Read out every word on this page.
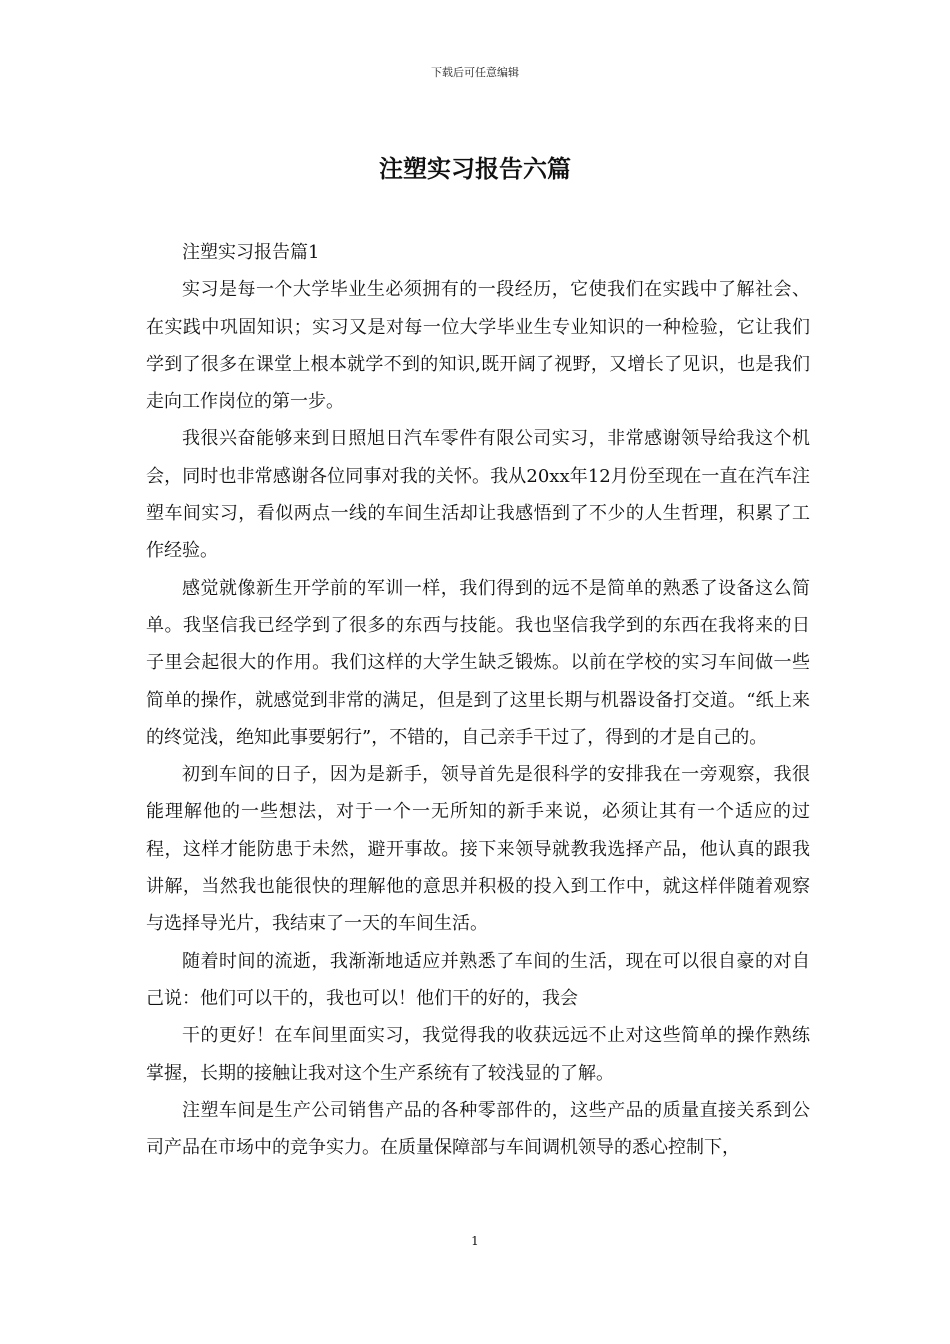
下载后可任意编辑
注塑实习报告六篇

注塑实习报告篇1

实习是每一个大学毕业生必须拥有的一段经历，它使我们在实践中了解社会、在实践中巩固知识；实习又是对每一位大学毕业生专业知识的一种检验，它让我们学到了很多在课堂上根本就学不到的知识,既开阔了视野，又增长了见识，也是我们走向工作岗位的第一步。

我很兴奋能够来到日照旭日汽车零件有限公司实习，非常感谢领导给我这个机会，同时也非常感谢各位同事对我的关怀。我从20xx年12月份至现在一直在汽车注塑车间实习，看似两点一线的车间生活却让我感悟到了不少的人生哲理，积累了工作经验。

感觉就像新生开学前的军训一样，我们得到的远不是简单的熟悉了设备这么简单。我坚信我已经学到了很多的东西与技能。我也坚信我学到的东西在我将来的日子里会起很大的作用。我们这样的大学生缺乏锻炼。以前在学校的实习车间做一些简单的操作，就感觉到非常的满足，但是到了这里长期与机器设备打交道。“纸上来的终觉浅，绝知此事要躬行”，不错的，自己亲手干过了，得到的才是自己的。

初到车间的日子，因为是新手，领导首先是很科学的安排我在一旁观察，我很能理解他的一些想法，对于一个一无所知的新手来说，必须让其有一个适应的过程，这样才能防患于未然，避开事故。接下来领导就教我选择产品，他认真的跟我讲解，当然我也能很快的理解他的意思并积极的投入到工作中，就这样伴随着观察与选择导光片，我结束了一天的车间生活。

随着时间的流逝，我渐渐地适应并熟悉了车间的生活，现在可以很自豪的对自己说：他们可以干的，我也可以！他们干的好的，我会

干的更好！在车间里面实习，我觉得我的收获远远不止对这些简单的操作熟练掌握，长期的接触让我对这个生产系统有了较浅显的了解。

注塑车间是生产公司销售产品的各种零部件的，这些产品的质量直接关系到公司产品在市场中的竞争实力。在质量保障部与车间调机领导的悉心控制下，

1
